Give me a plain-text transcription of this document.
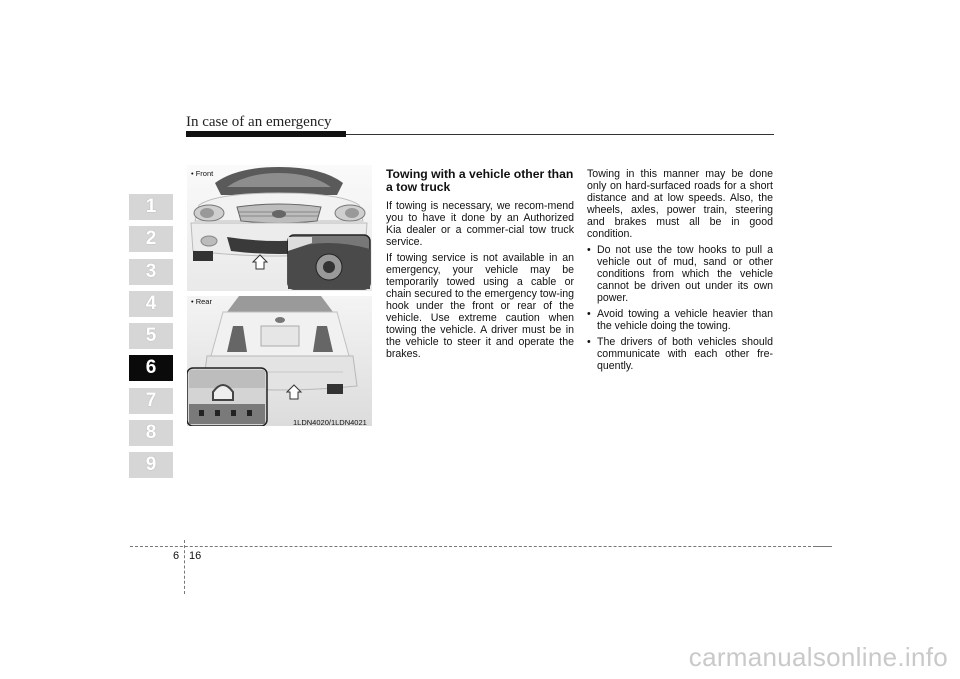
In case of an emergency
1
2
3
4
5
6
7
8
9
• Front
• Rear
1LDN4020/1LDN4021

Towing with a vehicle other than a tow truck

If towing is necessary, we recom-mend you to have it done by an Authorized Kia dealer or a commer-cial tow truck service.

If towing service is not available in an emergency, your vehicle may be temporarily towed using a cable or chain secured to the emergency tow-ing hook under the front or rear of the vehicle. Use extreme caution when towing the vehicle. A driver must be in the vehicle to steer it and operate the brakes.

Towing in this manner may be done only on hard-surfaced roads for a short distance and at low speeds. Also, the wheels, axles, power train, steering and brakes must all be in good condition.

• Do not use the tow hooks to pull a vehicle out of mud, sand or other conditions from which the vehicle cannot be driven out under its own power.
• Avoid towing a vehicle heavier than the vehicle doing the towing.
• The drivers of both vehicles should communicate with each other fre-quently.
6 16
carmanualsonline.info
